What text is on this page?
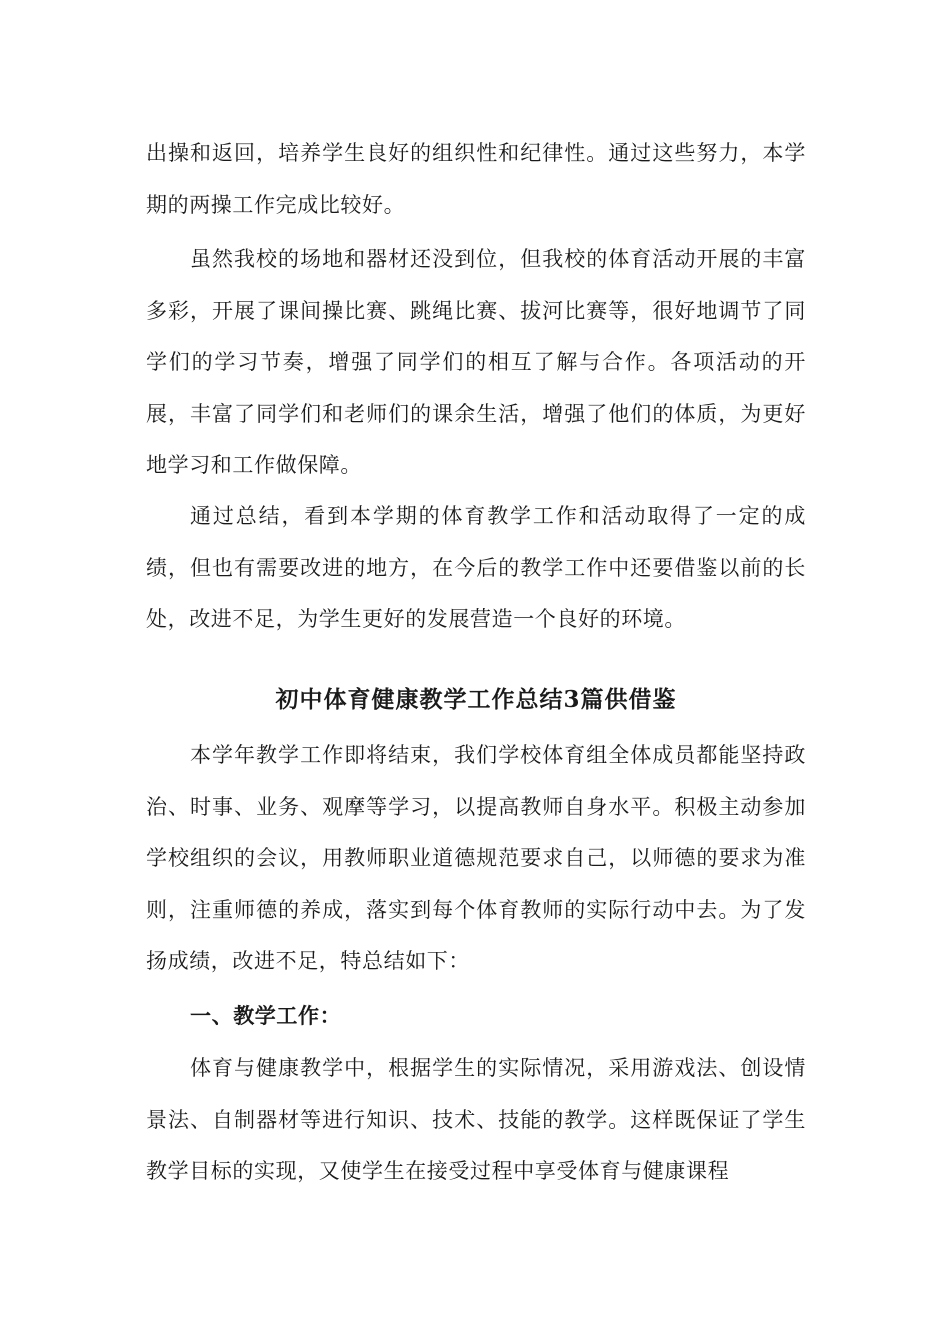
出操和返回，培养学生良好的组织性和纪律性。通过这些努力，本学期的两操工作完成比较好。

虽然我校的场地和器材还没到位，但我校的体育活动开展的丰富多彩，开展了课间操比赛、跳绳比赛、拔河比赛等，很好地调节了同学们的学习节奏，增强了同学们的相互了解与合作。各项活动的开展，丰富了同学们和老师们的课余生活，增强了他们的体质，为更好地学习和工作做保障。

通过总结，看到本学期的体育教学工作和活动取得了一定的成绩，但也有需要改进的地方，在今后的教学工作中还要借鉴以前的长处，改进不足，为学生更好的发展营造一个良好的环境。

初中体育健康教学工作总结3篇供借鉴

本学年教学工作即将结束，我们学校体育组全体成员都能坚持政治、时事、业务、观摩等学习，以提高教师自身水平。积极主动参加学校组织的会议，用教师职业道德规范要求自己，以师德的要求为准则，注重师德的养成，落实到每个体育教师的实际行动中去。为了发扬成绩，改进不足，特总结如下：

一、教学工作：

体育与健康教学中，根据学生的实际情况，采用游戏法、创设情景法、自制器材等进行知识、技术、技能的教学。这样既保证了学生教学目标的实现，又使学生在接受过程中享受体育与健康课程
